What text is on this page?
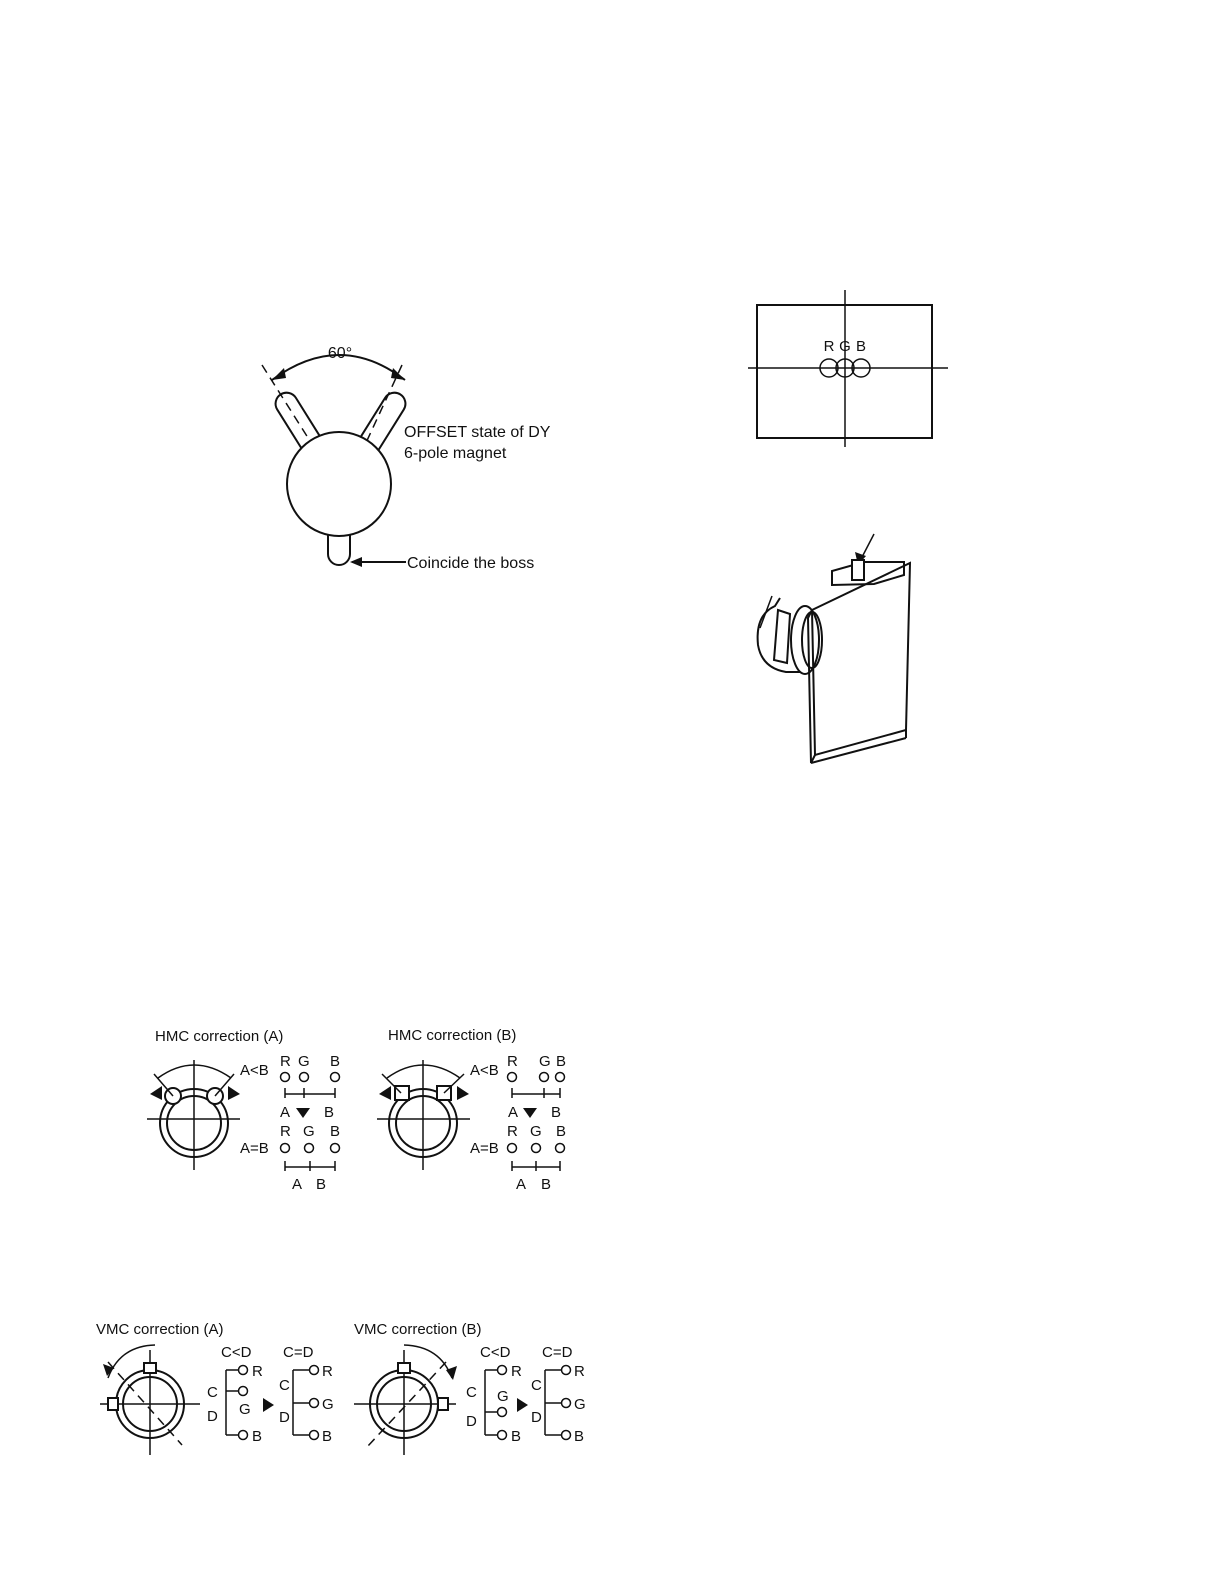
60°
OFFSET state of DY
6-pole magnet
Coincide the boss
R G B
HMC correction (A)
A<B
R G B
A B
R G B
A=B
A B
HMC correction (B)
A<B
R G B
A B
R G B
A=B
A B
VMC correction (A)
C<D C=D
R
G
B
C
D
R
G
B
C
D
VMC correction (B)
C<D C=D
R
G
B
C
D
R
G
B
C
D
